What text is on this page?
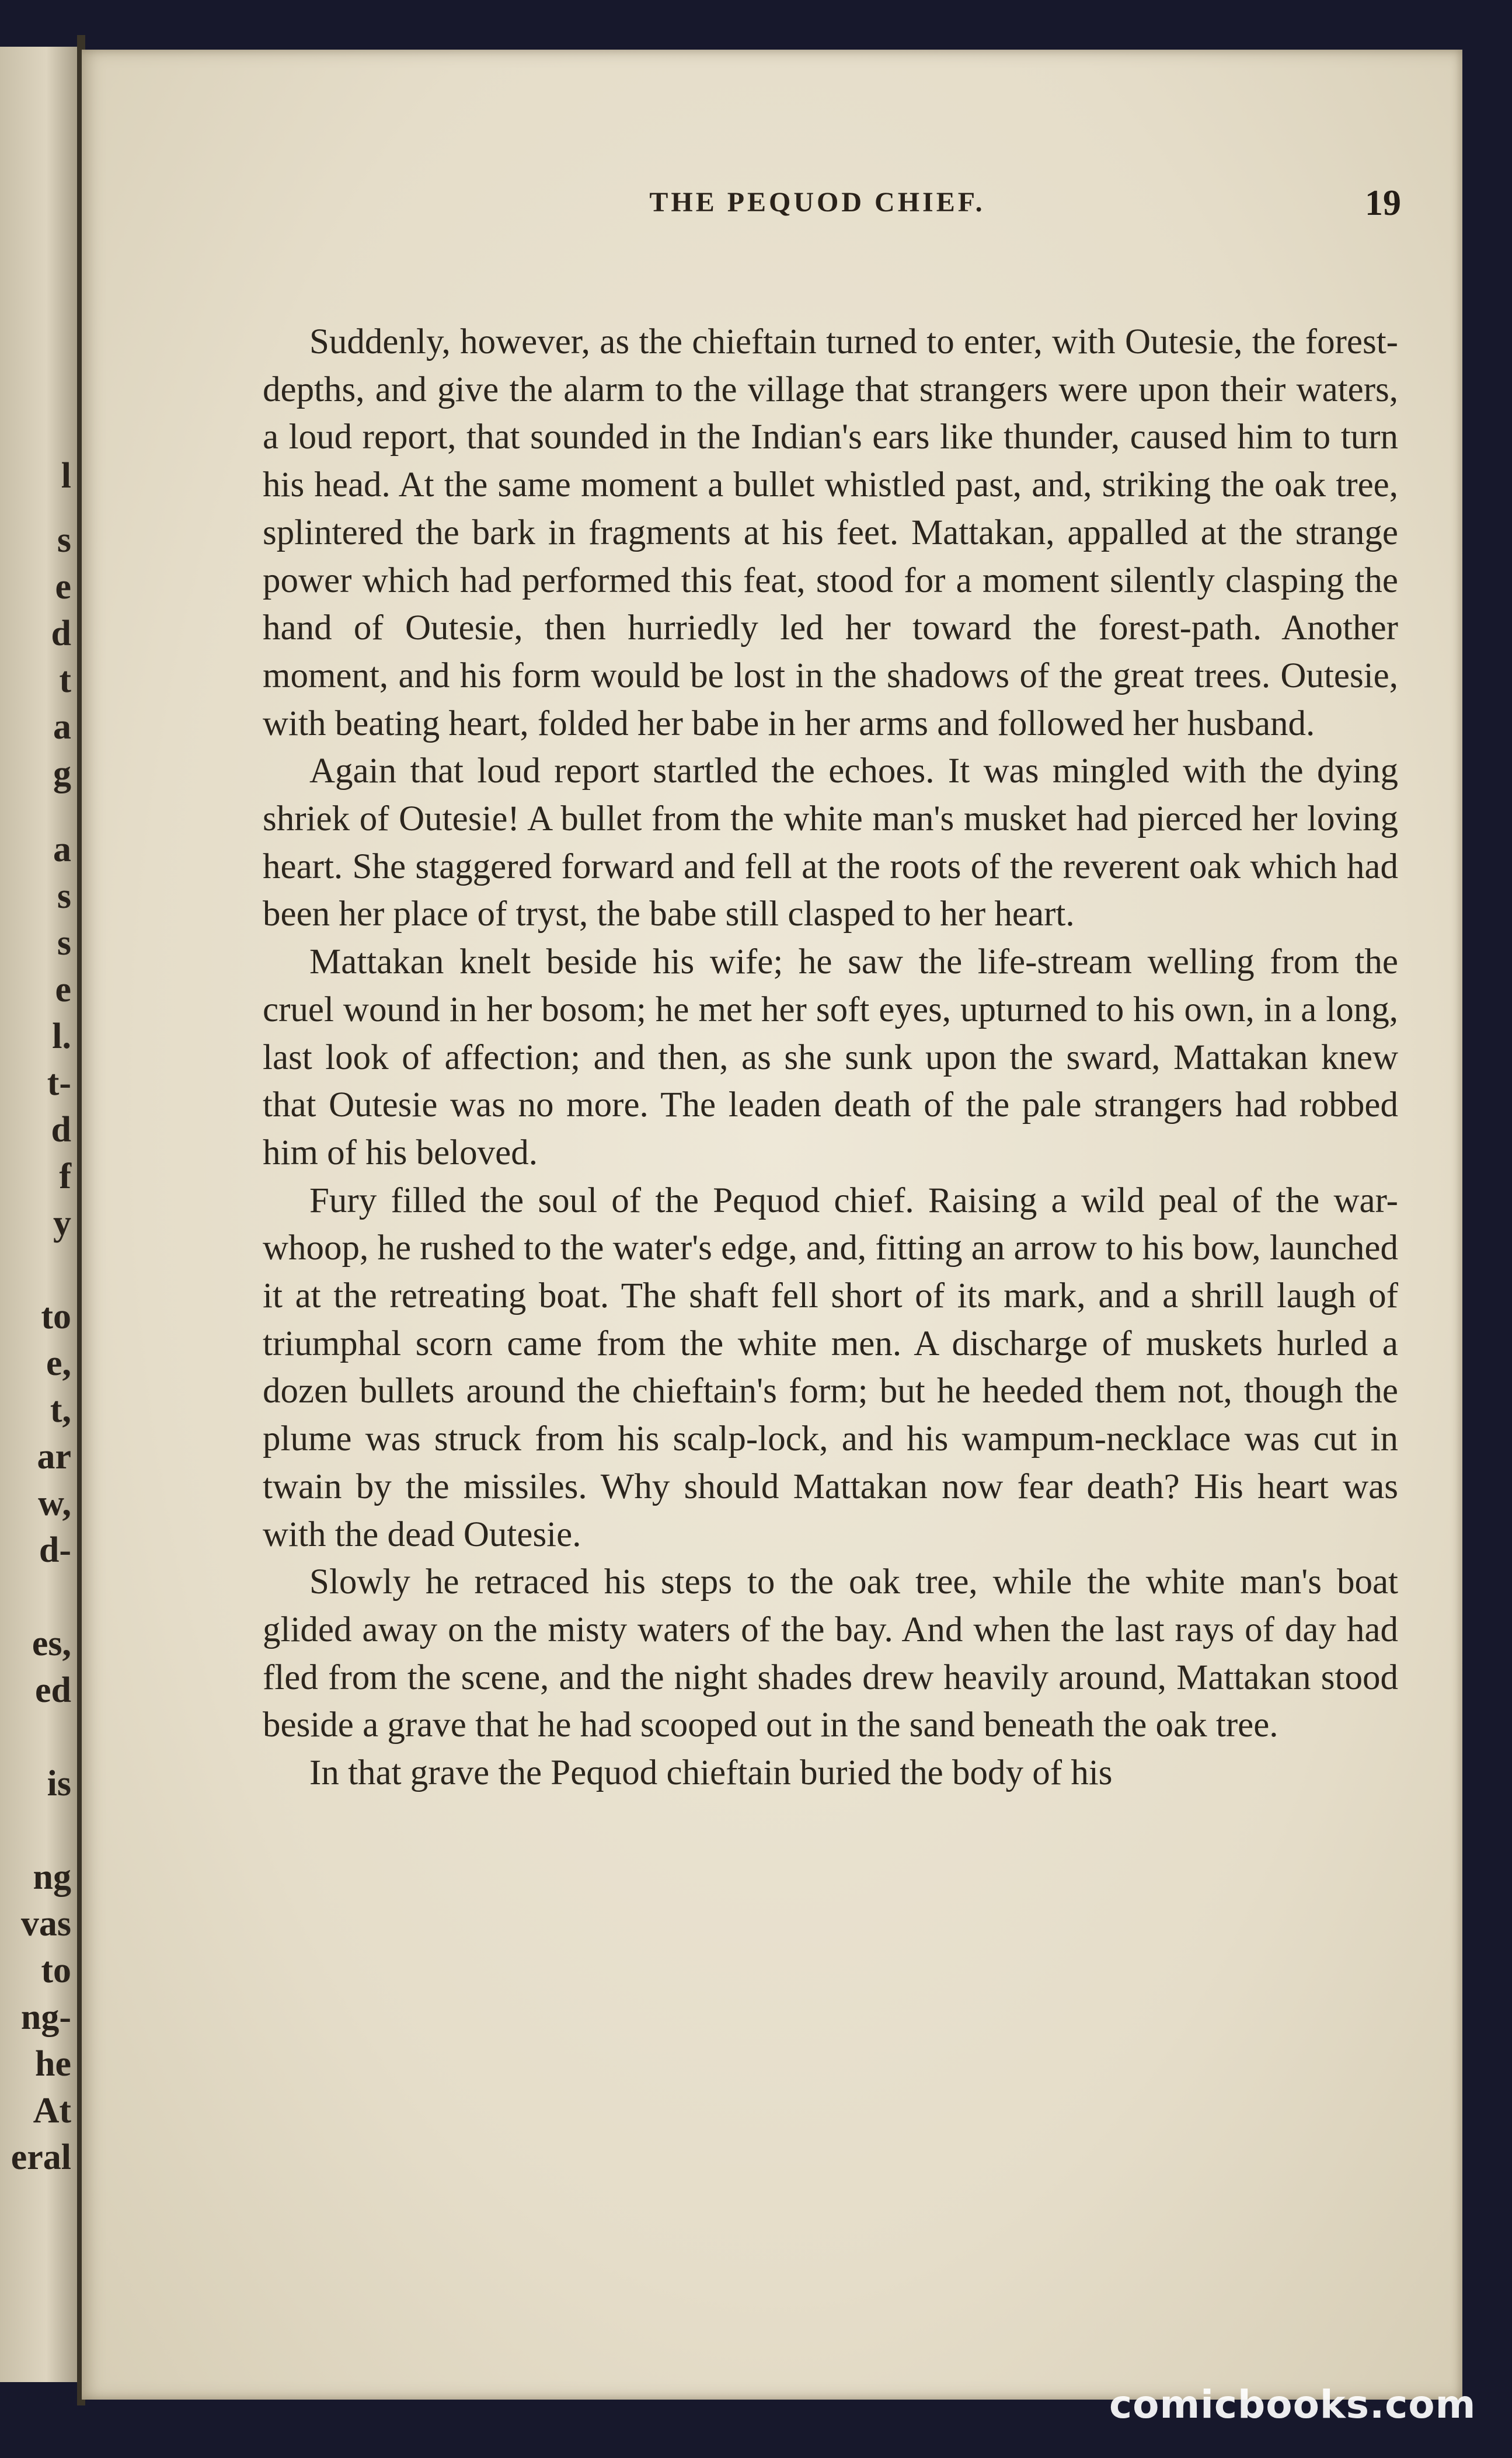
l
s
e
d
t
a
g
a
s
s
e
l.
t-
d
f
y
to
e,
t,
ar
w,
d-
es,
ed
is
ng
vas
to
ng-
he
At
eral
THE PEQUOD CHIEF.	19

Suddenly, however, as the chieftain turned to enter, with Outesie, the forest-depths, and give the alarm to the village that strangers were upon their waters, a loud report, that sounded in the Indian's ears like thunder, caused him to turn his head. At the same moment a bullet whistled past, and, striking the oak tree, splintered the bark in fragments at his feet. Mattakan, appalled at the strange power which had performed this feat, stood for a moment silently clasping the hand of Outesie, then hurriedly led her toward the forest-path. Another moment, and his form would be lost in the shadows of the great trees. Outesie, with beating heart, folded her babe in her arms and followed her husband.

Again that loud report startled the echoes. It was mingled with the dying shriek of Outesie! A bullet from the white man's musket had pierced her loving heart. She staggered forward and fell at the roots of the reverent oak which had been her place of tryst, the babe still clasped to her heart.

Mattakan knelt beside his wife; he saw the life-stream welling from the cruel wound in her bosom; he met her soft eyes, upturned to his own, in a long, last look of affection; and then, as she sunk upon the sward, Mattakan knew that Outesie was no more. The leaden death of the pale strangers had robbed him of his beloved.

Fury filled the soul of the Pequod chief. Raising a wild peal of the war-whoop, he rushed to the water's edge, and, fitting an arrow to his bow, launched it at the retreating boat. The shaft fell short of its mark, and a shrill laugh of triumphal scorn came from the white men. A discharge of muskets hurled a dozen bullets around the chieftain's form; but he heeded them not, though the plume was struck from his scalp-lock, and his wampum-necklace was cut in twain by the missiles. Why should Mattakan now fear death? His heart was with the dead Outesie.

Slowly he retraced his steps to the oak tree, while the white man's boat glided away on the misty waters of the bay. And when the last rays of day had fled from the scene, and the night shades drew heavily around, Mattakan stood beside a grave that he had scooped out in the sand beneath the oak tree.

In that grave the Pequod chieftain buried the body of his

comicbooks.com
